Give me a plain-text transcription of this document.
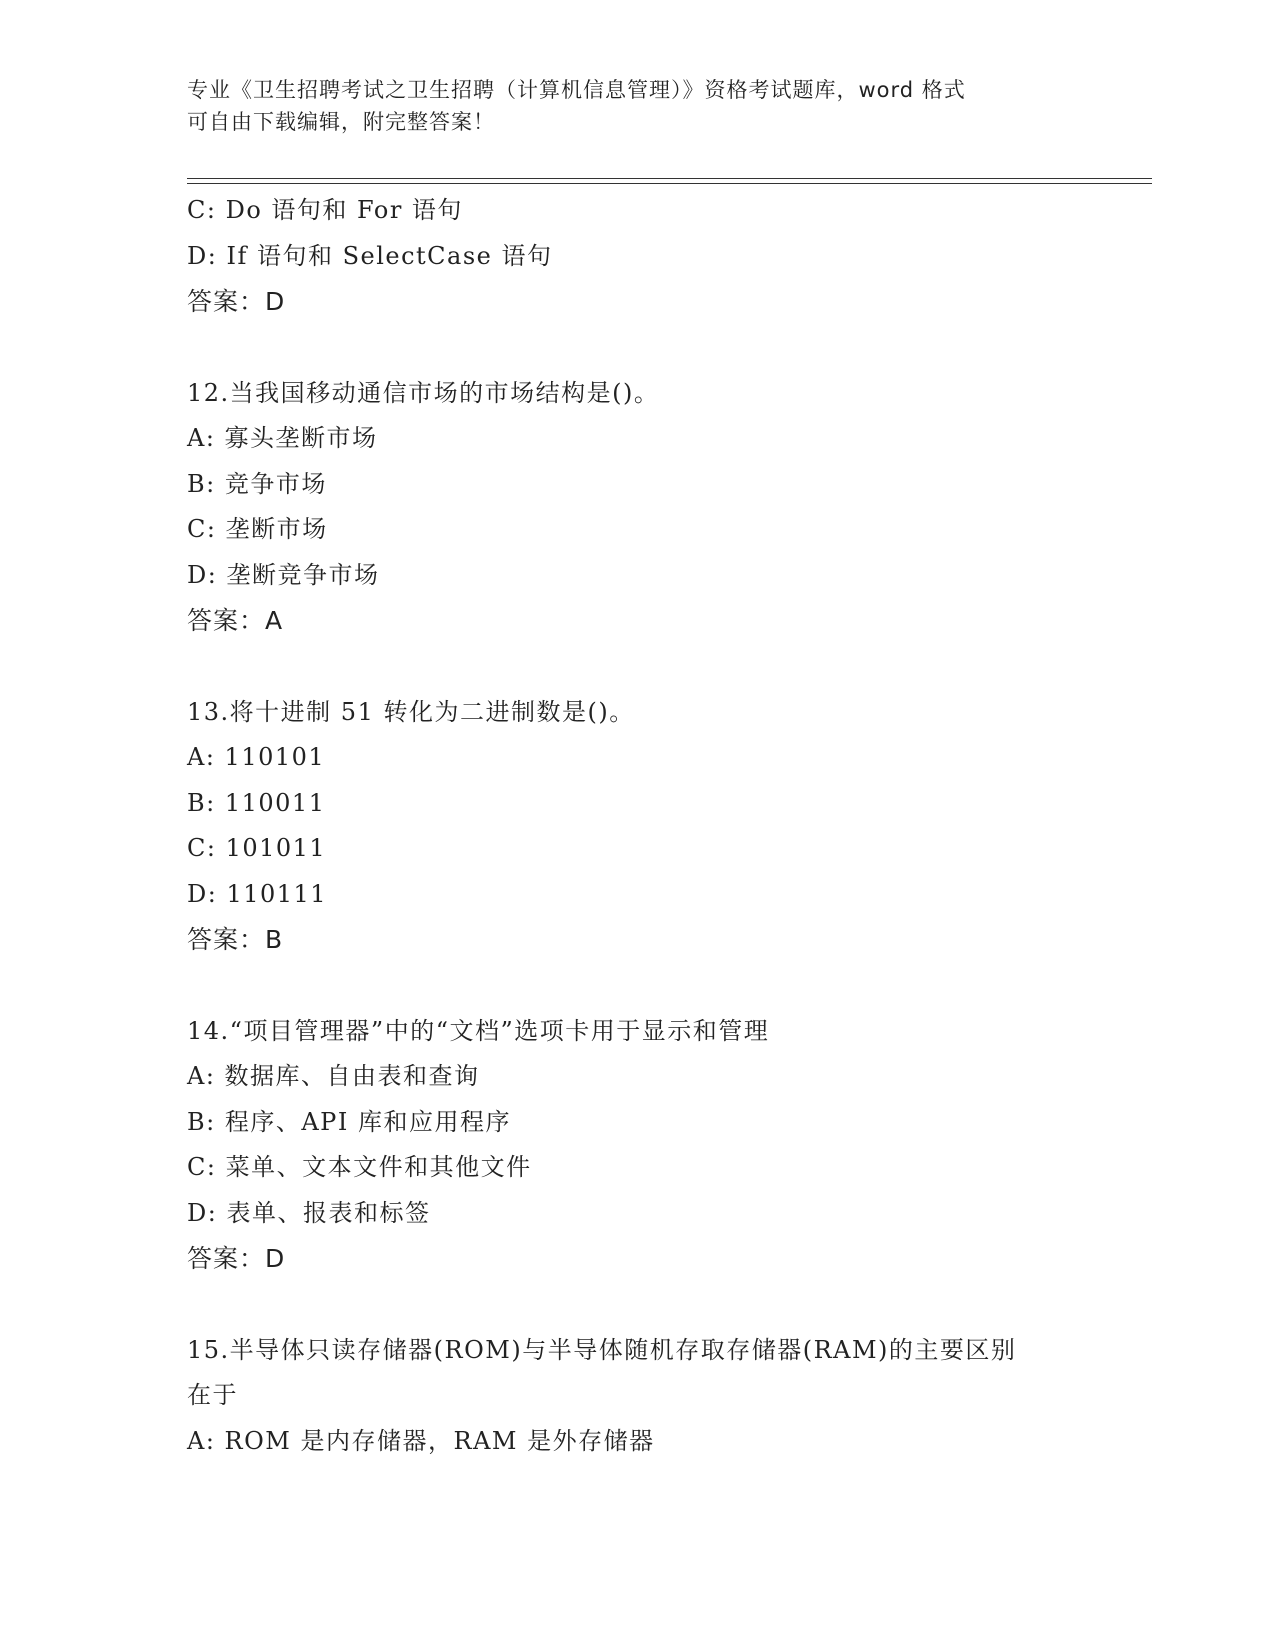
专业《卫生招聘考试之卫生招聘（计算机信息管理）》资格考试题库，word 格式
可自由下载编辑，附完整答案！
C: Do 语句和 For 语句
D: If 语句和 SelectCase 语句
答案：D
12.当我国移动通信市场的市场结构是()。
A: 寡头垄断市场
B: 竞争市场
C: 垄断市场
D: 垄断竞争市场
答案：A
13.将十进制 51 转化为二进制数是()。
A: 110101
B: 110011
C: 101011
D: 110111
答案：B
14.“项目管理器”中的“文档”选项卡用于显示和管理
A: 数据库、自由表和查询
B: 程序、API 库和应用程序
C: 菜单、文本文件和其他文件
D: 表单、报表和标签
答案：D
15.半导体只读存储器(ROM)与半导体随机存取存储器(RAM)的主要区别
在于
A: ROM 是内存储器，RAM 是外存储器
